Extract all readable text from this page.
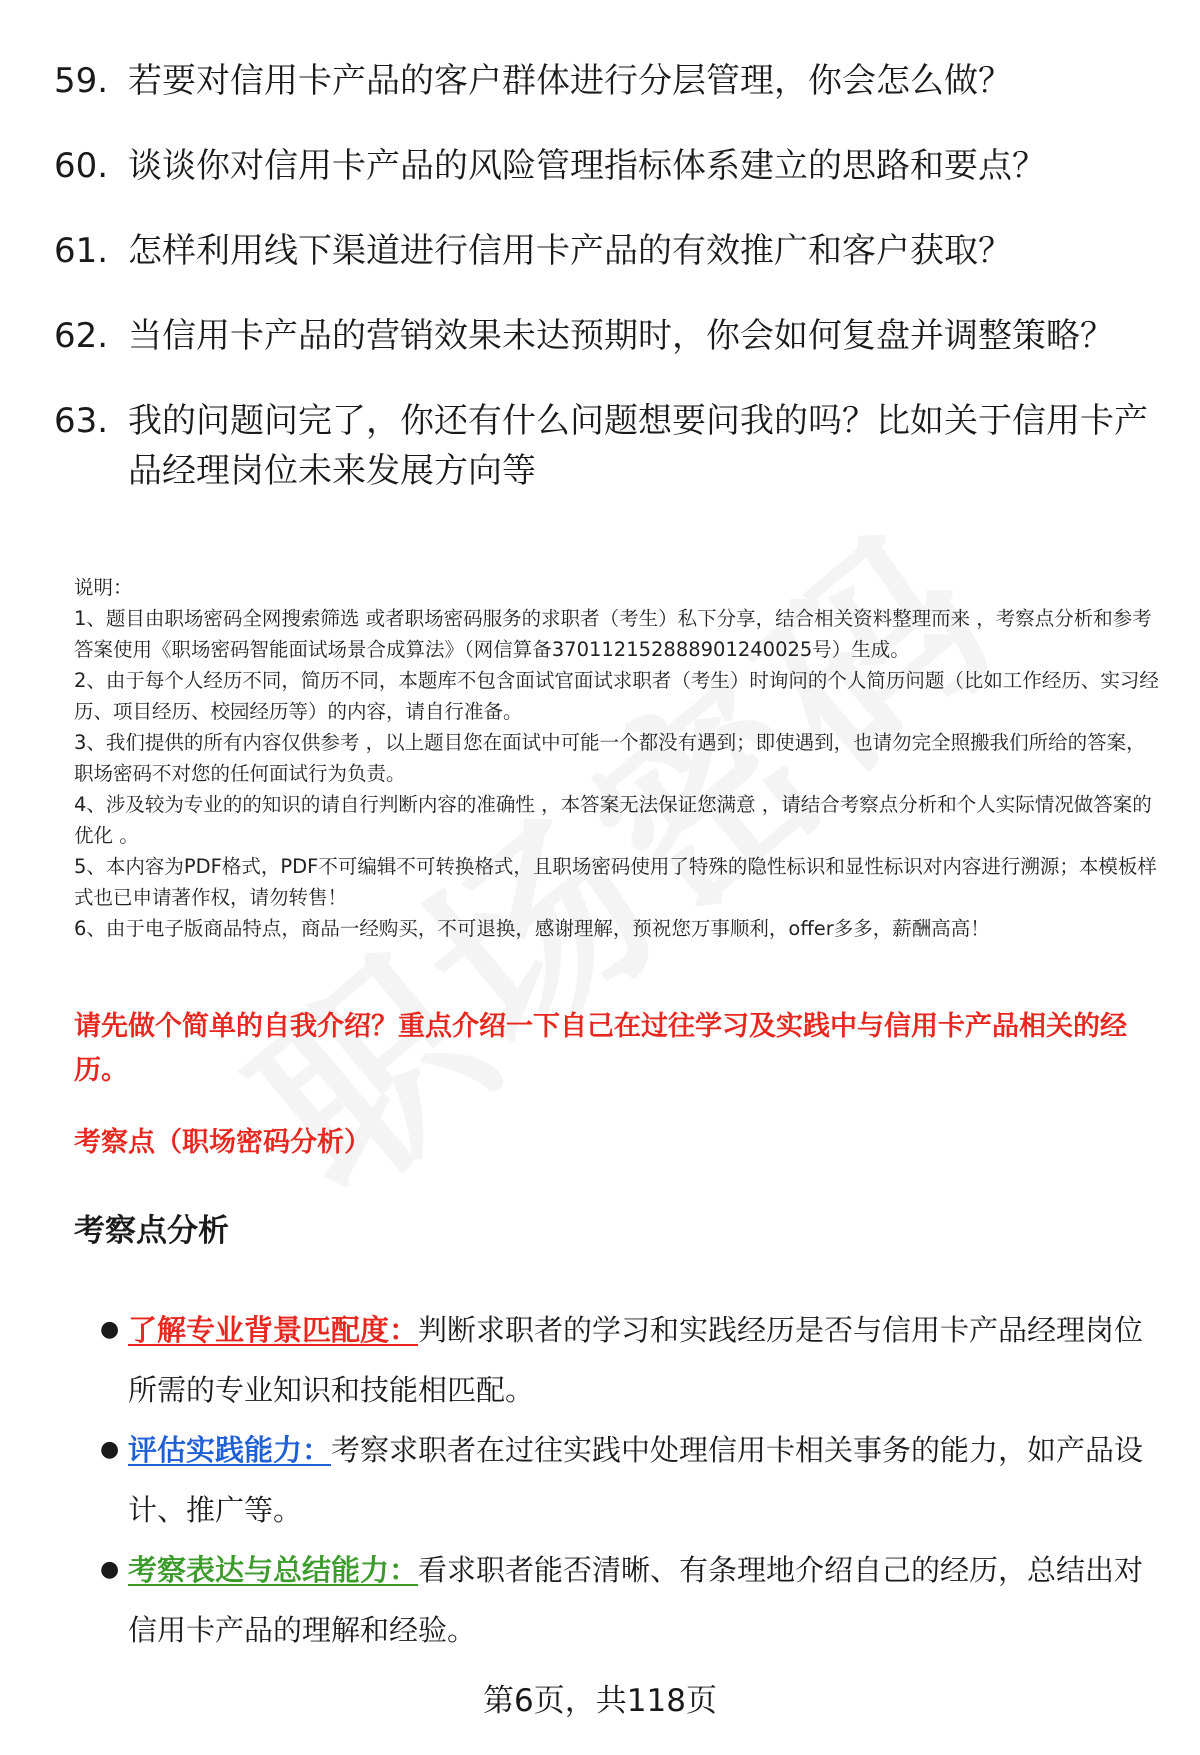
59. 若要对信用卡产品的客户群体进行分层管理，你会怎么做？
60. 谈谈你对信用卡产品的风险管理指标体系建立的思路和要点？
61. 怎样利用线下渠道进行信用卡产品的有效推广和客户获取？
62. 当信用卡产品的营销效果未达预期时，你会如何复盘并调整策略？
63. 我的问题问完了，你还有什么问题想要问我的吗？比如关于信用卡产品经理岗位未来发展方向等
说明：
1、题目由职场密码全网搜索筛选 或者职场密码服务的求职者（考生）私下分享，结合相关资料整理而来 ，考察点分析和参考答案使用《职场密码智能面试场景合成算法》（网信算备370112152888901240025号）生成。
2、由于每个人经历不同，简历不同，本题库不包含面试官面试求职者（考生）时询问的个人简历问题（比如工作经历、实习经历、项目经历、校园经历等）的内容，请自行准备。
3、我们提供的所有内容仅供参考 ，以上题目您在面试中可能一个都没有遇到；即使遇到，也请勿完全照搬我们所给的答案，职场密码不对您的任何面试行为负责。
4、涉及较为专业的的知识的请自行判断内容的准确性 ，本答案无法保证您满意 ，请结合考察点分析和个人实际情况做答案的优化 。
5、本内容为PDF格式，PDF不可编辑不可转换格式，且职场密码使用了特殊的隐性标识和显性标识对内容进行溯源；本模板样式也已申请著作权，请勿转售！
6、由于电子版商品特点，商品一经购买，不可退换，感谢理解，预祝您万事顺利，offer多多，薪酬高高！
请先做个简单的自我介绍？重点介绍一下自己在过往学习及实践中与信用卡产品相关的经历。
考察点（职场密码分析）
考察点分析
● 了解专业背景匹配度：判断求职者的学习和实践经历是否与信用卡产品经理岗位所需的专业知识和技能相匹配。
● 评估实践能力：考察求职者在过往实践中处理信用卡相关事务的能力，如产品设计、推广等。
● 考察表达与总结能力：看求职者能否清晰、有条理地介绍自己的经历，总结出对信用卡产品的理解和经验。
第6页，共118页
